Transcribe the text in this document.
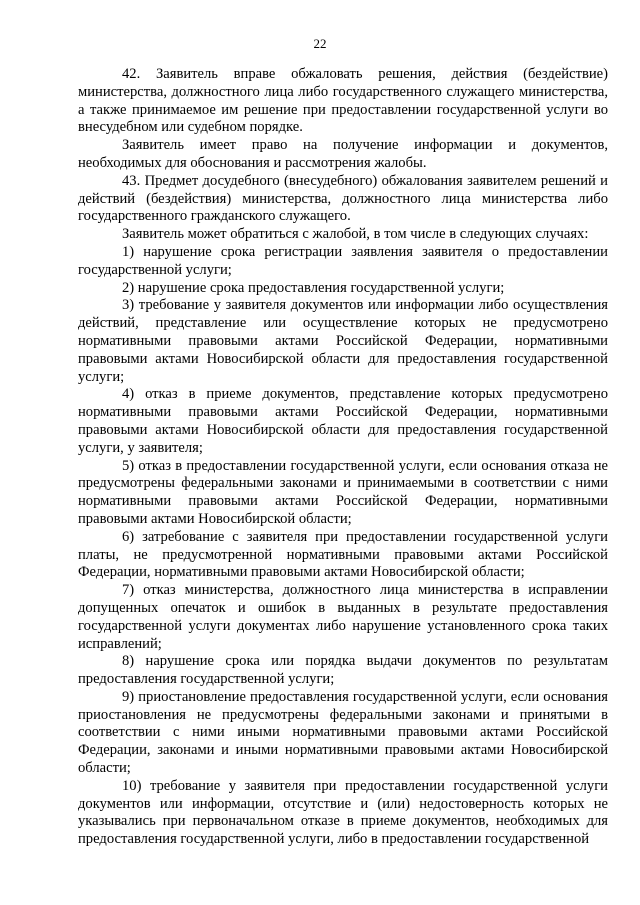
22

42. Заявитель вправе обжаловать решения, действия (бездействие) министерства, должностного лица либо государственного служащего министерства, а также принимаемое им решение при предоставлении государственной услуги во внесудебном или судебном порядке.

Заявитель имеет право на получение информации и документов, необходимых для обоснования и рассмотрения жалобы.

43. Предмет досудебного (внесудебного) обжалования заявителем решений и действий (бездействия) министерства, должностного лица министерства либо государственного гражданского служащего.

Заявитель может обратиться с жалобой, в том числе в следующих случаях:

1) нарушение срока регистрации заявления заявителя о предоставлении государственной услуги;

2) нарушение срока предоставления государственной услуги;

3) требование у заявителя документов или информации либо осуществления действий, представление или осуществление которых не предусмотрено нормативными правовыми актами Российской Федерации, нормативными правовыми актами Новосибирской области для предоставления государственной услуги;

4) отказ в приеме документов, представление которых предусмотрено нормативными правовыми актами Российской Федерации, нормативными правовыми актами Новосибирской области для предоставления государственной услуги, у заявителя;

5) отказ в предоставлении государственной услуги, если основания отказа не предусмотрены федеральными законами и принимаемыми в соответствии с ними нормативными правовыми актами Российской Федерации, нормативными правовыми актами Новосибирской области;

6) затребование с заявителя при предоставлении государственной услуги платы, не предусмотренной нормативными правовыми актами Российской Федерации, нормативными правовыми актами Новосибирской области;

7) отказ министерства, должностного лица министерства в исправлении допущенных опечаток и ошибок в выданных в результате предоставления государственной услуги документах либо нарушение установленного срока таких исправлений;

8) нарушение срока или порядка выдачи документов по результатам предоставления государственной услуги;

9) приостановление предоставления государственной услуги, если основания приостановления не предусмотрены федеральными законами и принятыми в соответствии с ними иными нормативными правовыми актами Российской Федерации, законами и иными нормативными правовыми актами Новосибирской области;

10) требование у заявителя при предоставлении государственной услуги документов или информации, отсутствие и (или) недостоверность которых не указывались при первоначальном отказе в приеме документов, необходимых для предоставления государственной услуги, либо в предоставлении государственной
